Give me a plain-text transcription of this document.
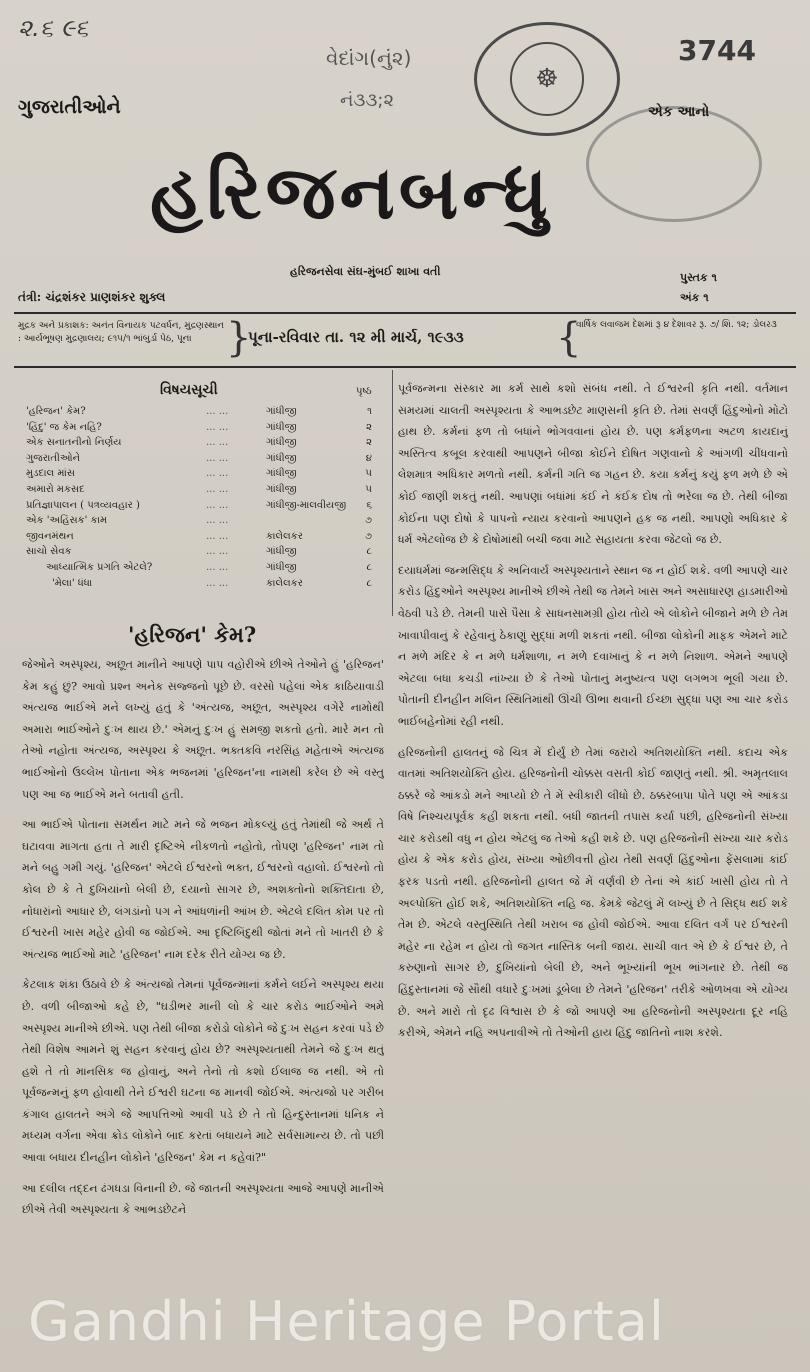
૨.૬ ૯૬
વેદાંગ(નું૨)
નં૩૩;૨
3744
☸
ગુજરાતીઓને	એક આનો
હરિજનબન્ધુ
હરિજનસેવા સંઘ-મુંબઈ શાખા વતી
તંત્રી: ચંદ્રશંકર પ્રાણશંકર શુક્લ
પુસ્તક ૧
અંક ૧
મુદ્રક અને પ્રકાશક: અનંત વિનાયક પટવર્ધન, મુદ્રણસ્થાન : આર્યભૂષણ મુદ્રણાલય; ૯૧૫/૧ ભાંબુર્ડા પેઠ, પૂના }
પૂના-રવિવાર તા. ૧૨ મી માર્ચ, ૧૯૩૩ {
વાર્ષિક લવાજમ દેશમાં રૂ ૪ દેશાવર રૂ. ૭/ શિ. ૧૨; ડોલર૩
વિષયસૂચી	પૃષ્ઠ
'હરિજન' કેમ?	... ...	ગાંધીજી	૧
'હિંદુ' જ કેમ નહિ?	... ...	ગાંધીજી	૨
એક સનાતનીનો નિર્ણય	... ...	ગાંધીજી	૨
ગુજરાતીઓને	... ...	ગાંધીજી	૪
મુડદાલ માંસ	... ...	ગાંધીજી	૫
અમારો મકસદ	... ...	ગાંધીજી	૫
પ્રતિજ્ઞાપાલન ( પત્રવ્યવહાર )	... ...	ગાંધીજી-માલવીયજી	૬
એક 'અહિંસક' કામ	... ...	૭
જીવનમંથન	... ...	કાલેલકર	૭
સાચો સેવક	... ...	ગાંધીજી	૮
આધ્યાત્મિક પ્રગતિ એટલે?	... ...	ગાંધીજી	૮
'મેલા' ધંધા	... ...	કાલેલકર	૮
'હરિજન' કેમ?

જેઓને અસ્પૃશ્ય, અછૂત માનીને આપણે પાપ વહોરીએ છીએ તેઓને હું 'હરિજન' કેમ કહું છું? આવો પ્રશ્ન અનેક સજ્જનો પૂછે છે. વરસો પહેલાં એક કાઠિયાવાડી અંત્યજ ભાઈએ મને લખ્યું હતું કે 'અંત્યજ, અછૂત, અસ્પૃશ્ય વગેરે નામોથી અમારા ભાઈઓને દુઃખ થાય છે.' એમનું દુઃખ હું સમજી શકતો હતો. મારે મન તો તેઓ નહોતા અંત્યજ, અસ્પૃશ્ય કે અછૂત. ભક્તકવિ નરસિંહ મહેતાએ અંત્યજ ભાઈઓનો ઉલ્લેખ પોતાના એક ભજનમાં 'હરિજન'ના નામથી કરેલ છે એ વસ્તુ પણ આ જ ભાઈએ મને બતાવી હતી.

આ ભાઈએ પોતાના સમર્થન માટે મને જે ભજન મોકલ્યું હતું તેમાંથી જે અર્થ તે ઘટાવવા માગતા હતા તે મારી દૃષ્ટિએ નીકળતો નહોતો, તોપણ 'હરિજન' નામ તો મને બહુ ગમી ગયું. 'હરિજન' એટલે ઈશ્વરનો ભક્ત, ઈશ્વરનો વહાલો. ઈશ્વરનો તો કોલ છે કે તે દુખિયાંનો બેલી છે, દયાનો સાગર છે, અશક્તોનો શક્તિદાતા છે, નોધારાંનો આધાર છે, લંગડાંનો પગ ને આંધળાંની આંખ છે. એટલે દલિત કોમ પર તો ઈશ્વરની ખાસ મહેર હોવી જ જોઈએ. આ દૃષ્ટિબિંદુથી જોતાં મને તો ખાતરી છે કે અંત્યજ ભાઈઓ માટે 'હરિજન' નામ દરેક રીતે યોગ્ય જ છે.

કેટલાક શંકા ઉઠાવે છે કે અંત્યજો તેમનાં પૂર્વજન્માનાં કર્મને લઈને અસ્પૃશ્ય થયા છે. વળી બીજાઓ કહે છે, "ઘડીભર માની લો કે ચાર કરોડ ભાઈઓને અમે અસ્પૃશ્ય માનીએ છીએ. પણ તેથી બીજા કરોડો લોકોને જે દુઃખ સહન કરવાં પડે છે તેથી વિશેષ આમને શું સહન કરવાનું હોય છે? અસ્પૃશ્યતાથી તેમને જે દુઃખ થતું હશે તે તો માનસિક જ હોવાનું, અને તેનો તો કશો ઈલાજ જ નથી. એ તો પૂર્વજન્મનું ફળ હોવાથી તેને ઈશ્વરી ઘટના જ માનવી જોઈએ. અંત્યજો પર ગરીબ કંગાલ હાલતને અંગે જે આપત્તિઓ આવી પડે છે તે તો હિન્દુસ્તાનમાં ધનિક ને મધ્યમ વર્ગના એવા ક્રોડ લોકોને બાદ કરતાં બધાયને માટે સર્વસામાન્ય છે. તો પછી આવા બધાય દીનહીન લોકોને 'હરિજન' કેમ ન કહેવાં?"

આ દલીલ તદ્દન ઢંગધડા વિનાની છે. જે જાતની અસ્પૃશ્યતા આજે આપણે માનીએ છીએ તેવી અસ્પૃશ્યતા કે આભડછેટને

પૂર્વજન્મના સંસ્કાર મા કર્મ સાથે કશો સંબંધ નથી. તે ઈશ્વરની કૃતિ નથી. વર્તમાન સમયમાં ચાલતી અસ્પૃશ્યતા કે આભડછેટ માણસની કૃતિ છે. તેમાં સવર્ણ હિંદુઓનો મોટો હાથ છે. કર્મનાં ફળ તો બધાંને ભોગવવાનાં હોય છે. પણ કર્મફળના અટળ કાયદાનું અસ્તિત્વ કબૂલ કરવાથી આપણને બીજા કોઈને દોષિત ગણવાનો કે આંગળી ચીંધવાનો લેશમાત્ર અધિકાર મળતો નથી. કર્મની ગતિ જ ગહન છે. કયા કર્મનું કયું ફળ મળે છે એ કોઈ જાણી શકતું નથી. આપણાં બધાંમાં કંઈ ને કંઈક દોષ તો ભરેલા જ છે. તેથી બીજા કોઈના પણ દોષો કે પાપનો ન્યાય કરવાનો આપણને હક જ નથી. આપણો અધિકાર કે ધર્મ એટલોજ છે કે દોષોમાંથી બચી જવા માટે સહાયતા કરવા જેટલો જ છે.

દયાધર્મમાં જન્મસિદ્ધ કે અનિવાર્ય અસ્પૃશ્યતાને સ્થાન જ ન હોઈ શકે. વળી આપણે ચાર કરોડ હિંદુઓને અસ્પૃશ્ય માનીએ છીએ તેથી જ તેમને ખાસ અને અસાધારણ હાડમારીઓ વેઠવી પડે છે. તેમની પાસે પૈસા કે સાધનસામગ્રી હોય તોયે એ લોકોને બીજાને મળે છે તેમ ખાવાપીવાનું કે રહેવાનું ઠેકાણું સુદ્ધાં મળી શકતાં નથી. બીજા લોકોની માફક એમને માટે ન મળે મંદિર કે ન મળે ધર્મશાળા, ન મળે દવાખાનું કે ન મળે નિશાળ. એમને આપણે એટલા બધા કચડી નાંખ્યા છે કે તેઓ પોતાનું મનુષ્યત્વ પણ લગભગ ભૂલી ગયા છે. પોતાની દીનહીન મલિન સ્થિતિમાંથી ઊંચી ઊભા થવાની ઈચ્છા સુદ્ધાં પણ આ ચાર કરોડ ભાઈબહેનોમાં રહી નથી.

હરિજનોની હાલતનું જે ચિત્ર મેં દોર્યું છે તેમાં જરાયે અતિશયોક્તિ નથી. કદાચ એક વાતમાં અતિશયોક્તિ હોય. હરિજનોની ચોક્કસ વસતી કોઈ જાણતું નથી. શ્રી. અમૃતલાલ ઠક્કરે જે આંકડો મને આપ્યો છે તે મેં સ્વીકારી લીધો છે. ઠક્કરબાપા પોતે પણ એ આંકડા વિષે નિશ્ચયપૂર્વક કહી શકતા નથી. બધી જાતની તપાસ કર્યા પછી, હરિજનોની સંખ્યા ચાર કરોડથી વધુ ન હોય એટલું જ તેઓ કહી શકે છે. પણ હરિજનોની સંખ્યા ચાર કરોડ હોય કે એક કરોડ હોય, સંખ્યા ઓછીવત્તી હોય તેથી સવર્ણ હિંદુઓના ફેંસલામાં કાંઈ ફરક પડતો નથી. હરિજનોની હાલત જે મેં વર્ણવી છે તેનાં એ કાંઈ ખાસી હોય તો તે અલ્પોક્તિ હોઈ શકે, અતિશયોક્તિ નહિ જ. કેમકે જેટલું મેં લખ્યું છે તે સિદ્ધ થઈ શકે તેમ છે. એટલે વસ્તુસ્થિતિ તેથી ખરાબ જ હોવી જોઈએ. આવા દલિત વર્ગ પર ઈશ્વરની મહેર ના રહેમ ન હોય તો જગત નાસ્તિક બની જાય. સાચી વાત એ છે કે ઈશ્વર છે, તે કરુણાનો સાગર છે, દુખિયાંનો બેલી છે, અને ભૂખ્યાંની ભૂખ ભાંગનાર છે. તેથી જ હિંદુસ્તાનમાં જે સૌથી વધારે દુઃખમાં ડૂબેલા છે તેમને 'હરિજન' તરીકે ઓળખવા એ યોગ્ય છે. અને મારો તો દૃઢ વિશ્વાસ છે કે જો આપણે આ હરિજનોની અસ્પૃશ્યતા દૂર નહિ કરીએ, એમને નહિ અપનાવીએ તો તેઓની હાય હિંદુ જાતિનો નાશ કરશે.

Gandhi Heritage Portal
